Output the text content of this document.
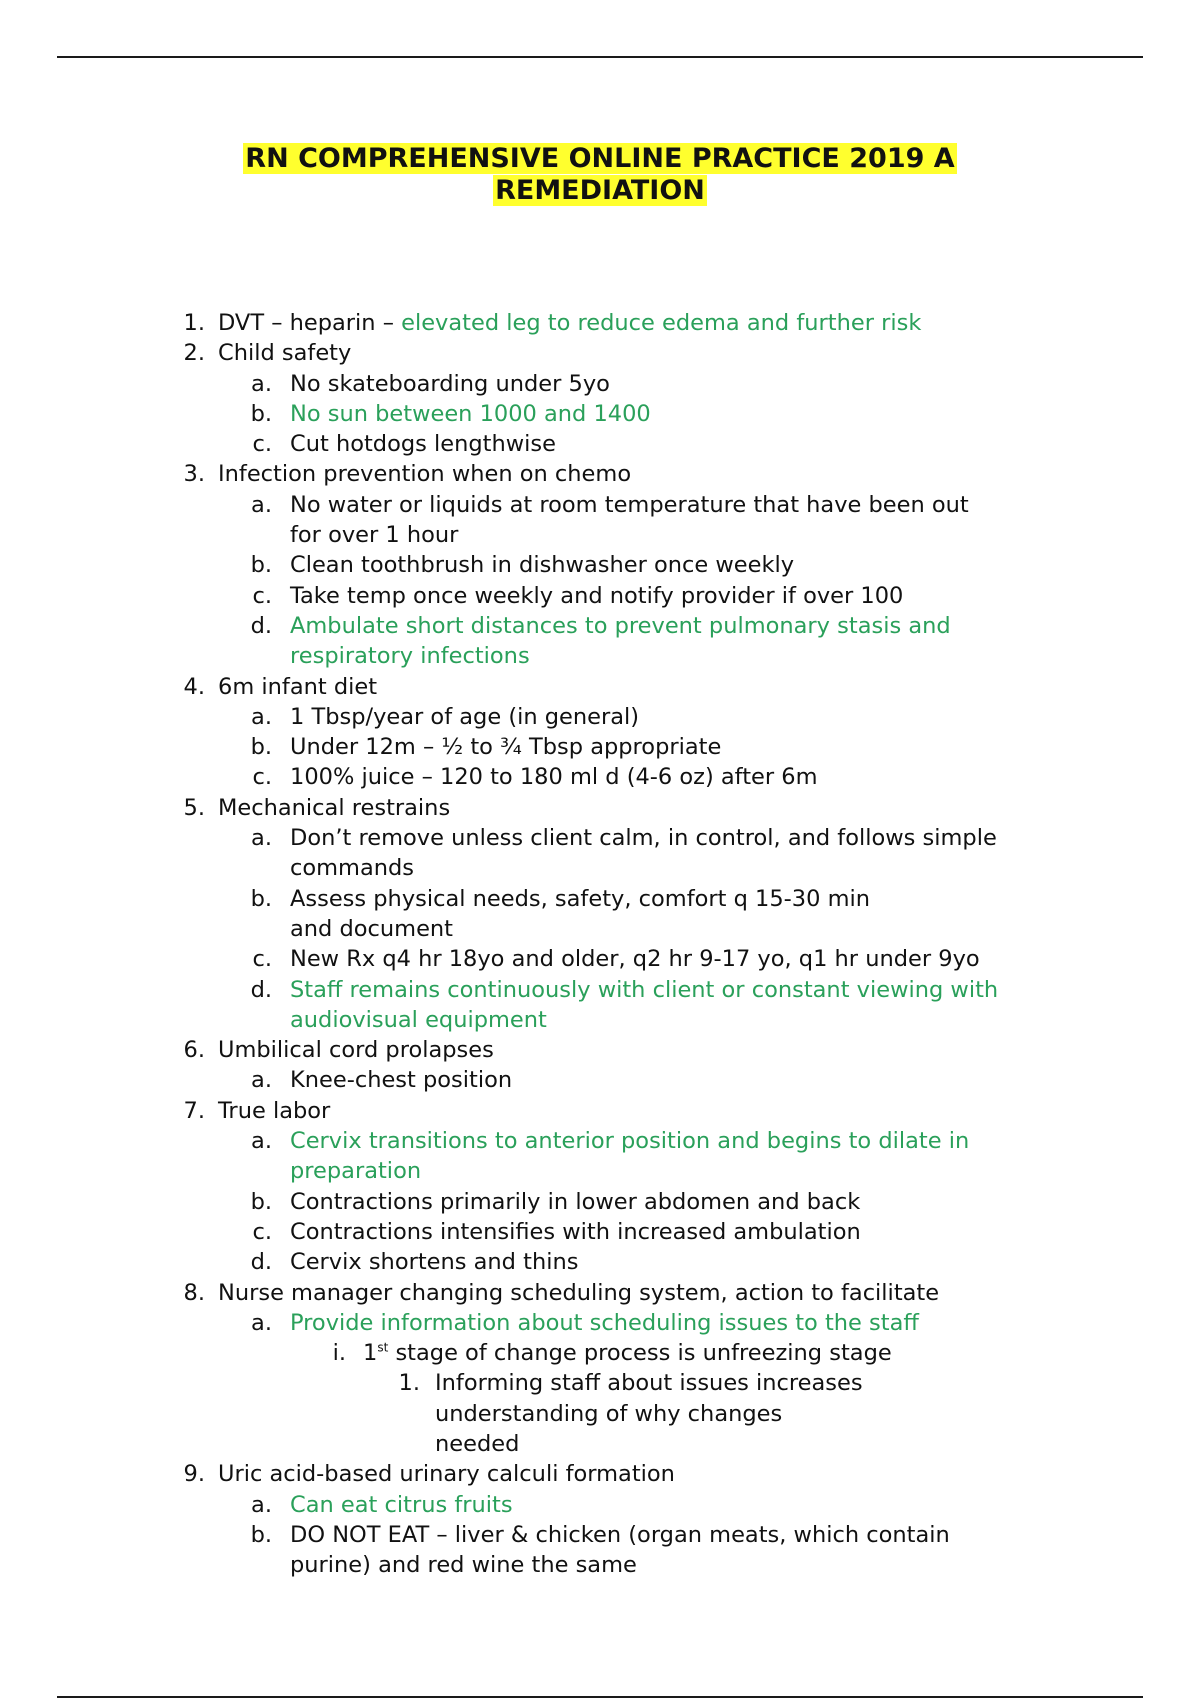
RN COMPREHENSIVE ONLINE PRACTICE 2019 A
REMEDIATION
1. DVT – heparin – elevated leg to reduce edema and further risk
2. Child safety
a. No skateboarding under 5yo
b. No sun between 1000 and 1400
c. Cut hotdogs lengthwise
3. Infection prevention when on chemo
a. No water or liquids at room temperature that have been out
for over 1 hour
b. Clean toothbrush in dishwasher once weekly
c. Take temp once weekly and notify provider if over 100
d. Ambulate short distances to prevent pulmonary stasis and
respiratory infections
4. 6m infant diet
a. 1 Tbsp/year of age (in general)
b. Under 12m – ½ to ¾ Tbsp appropriate
c. 100% juice – 120 to 180 ml d (4-6 oz) after 6m
5. Mechanical restrains
a. Don’t remove unless client calm, in control, and follows simple
commands
b. Assess physical needs, safety, comfort q 15-30 min
and document
c. New Rx q4 hr 18yo and older, q2 hr 9-17 yo, q1 hr under 9yo
d. Staff remains continuously with client or constant viewing with
audiovisual equipment
6. Umbilical cord prolapses
a. Knee-chest position
7. True labor
a. Cervix transitions to anterior position and begins to dilate in
preparation
b. Contractions primarily in lower abdomen and back
c. Contractions intensifies with increased ambulation
d. Cervix shortens and thins
8. Nurse manager changing scheduling system, action to facilitate
a. Provide information about scheduling issues to the staff
i. 1st stage of change process is unfreezing stage
1. Informing staff about issues increases
understanding of why changes
needed
9. Uric acid-based urinary calculi formation
a. Can eat citrus fruits
b. DO NOT EAT – liver & chicken (organ meats, which contain
purine) and red wine the same
